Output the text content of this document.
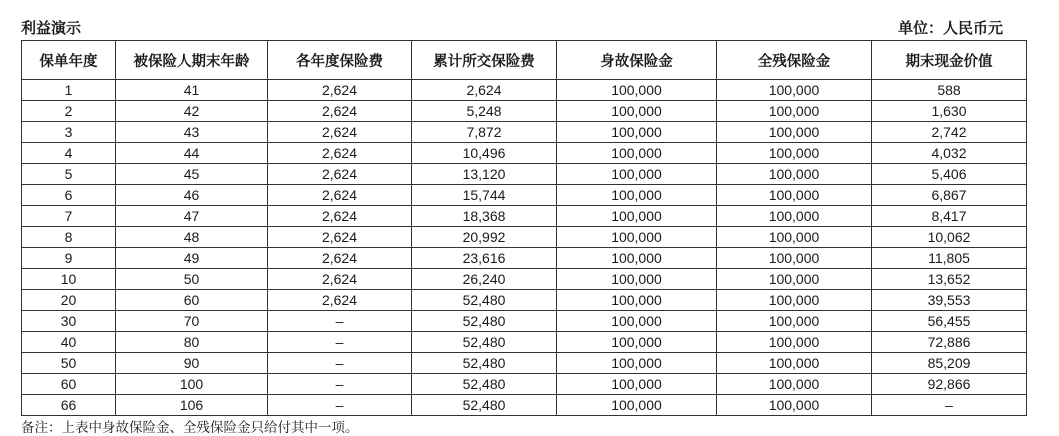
利益演示	单位：人民币元
保单年度	被保险人期末年龄	各年度保险费	累计所交保险费	身故保险金	全残保险金	期末现金价值
1	41	2,624	2,624	100,000	100,000	588
2	42	2,624	5,248	100,000	100,000	1,630
3	43	2,624	7,872	100,000	100,000	2,742
4	44	2,624	10,496	100,000	100,000	4,032
5	45	2,624	13,120	100,000	100,000	5,406
6	46	2,624	15,744	100,000	100,000	6,867
7	47	2,624	18,368	100,000	100,000	8,417
8	48	2,624	20,992	100,000	100,000	10,062
9	49	2,624	23,616	100,000	100,000	11,805
10	50	2,624	26,240	100,000	100,000	13,652
20	60	2,624	52,480	100,000	100,000	39,553
30	70	–	52,480	100,000	100,000	56,455
40	80	–	52,480	100,000	100,000	72,886
50	90	–	52,480	100,000	100,000	85,209
60	100	–	52,480	100,000	100,000	92,866
66	106	–	52,480	100,000	100,000	–
备注：上表中身故保险金、全残保险金只给付其中一项。
